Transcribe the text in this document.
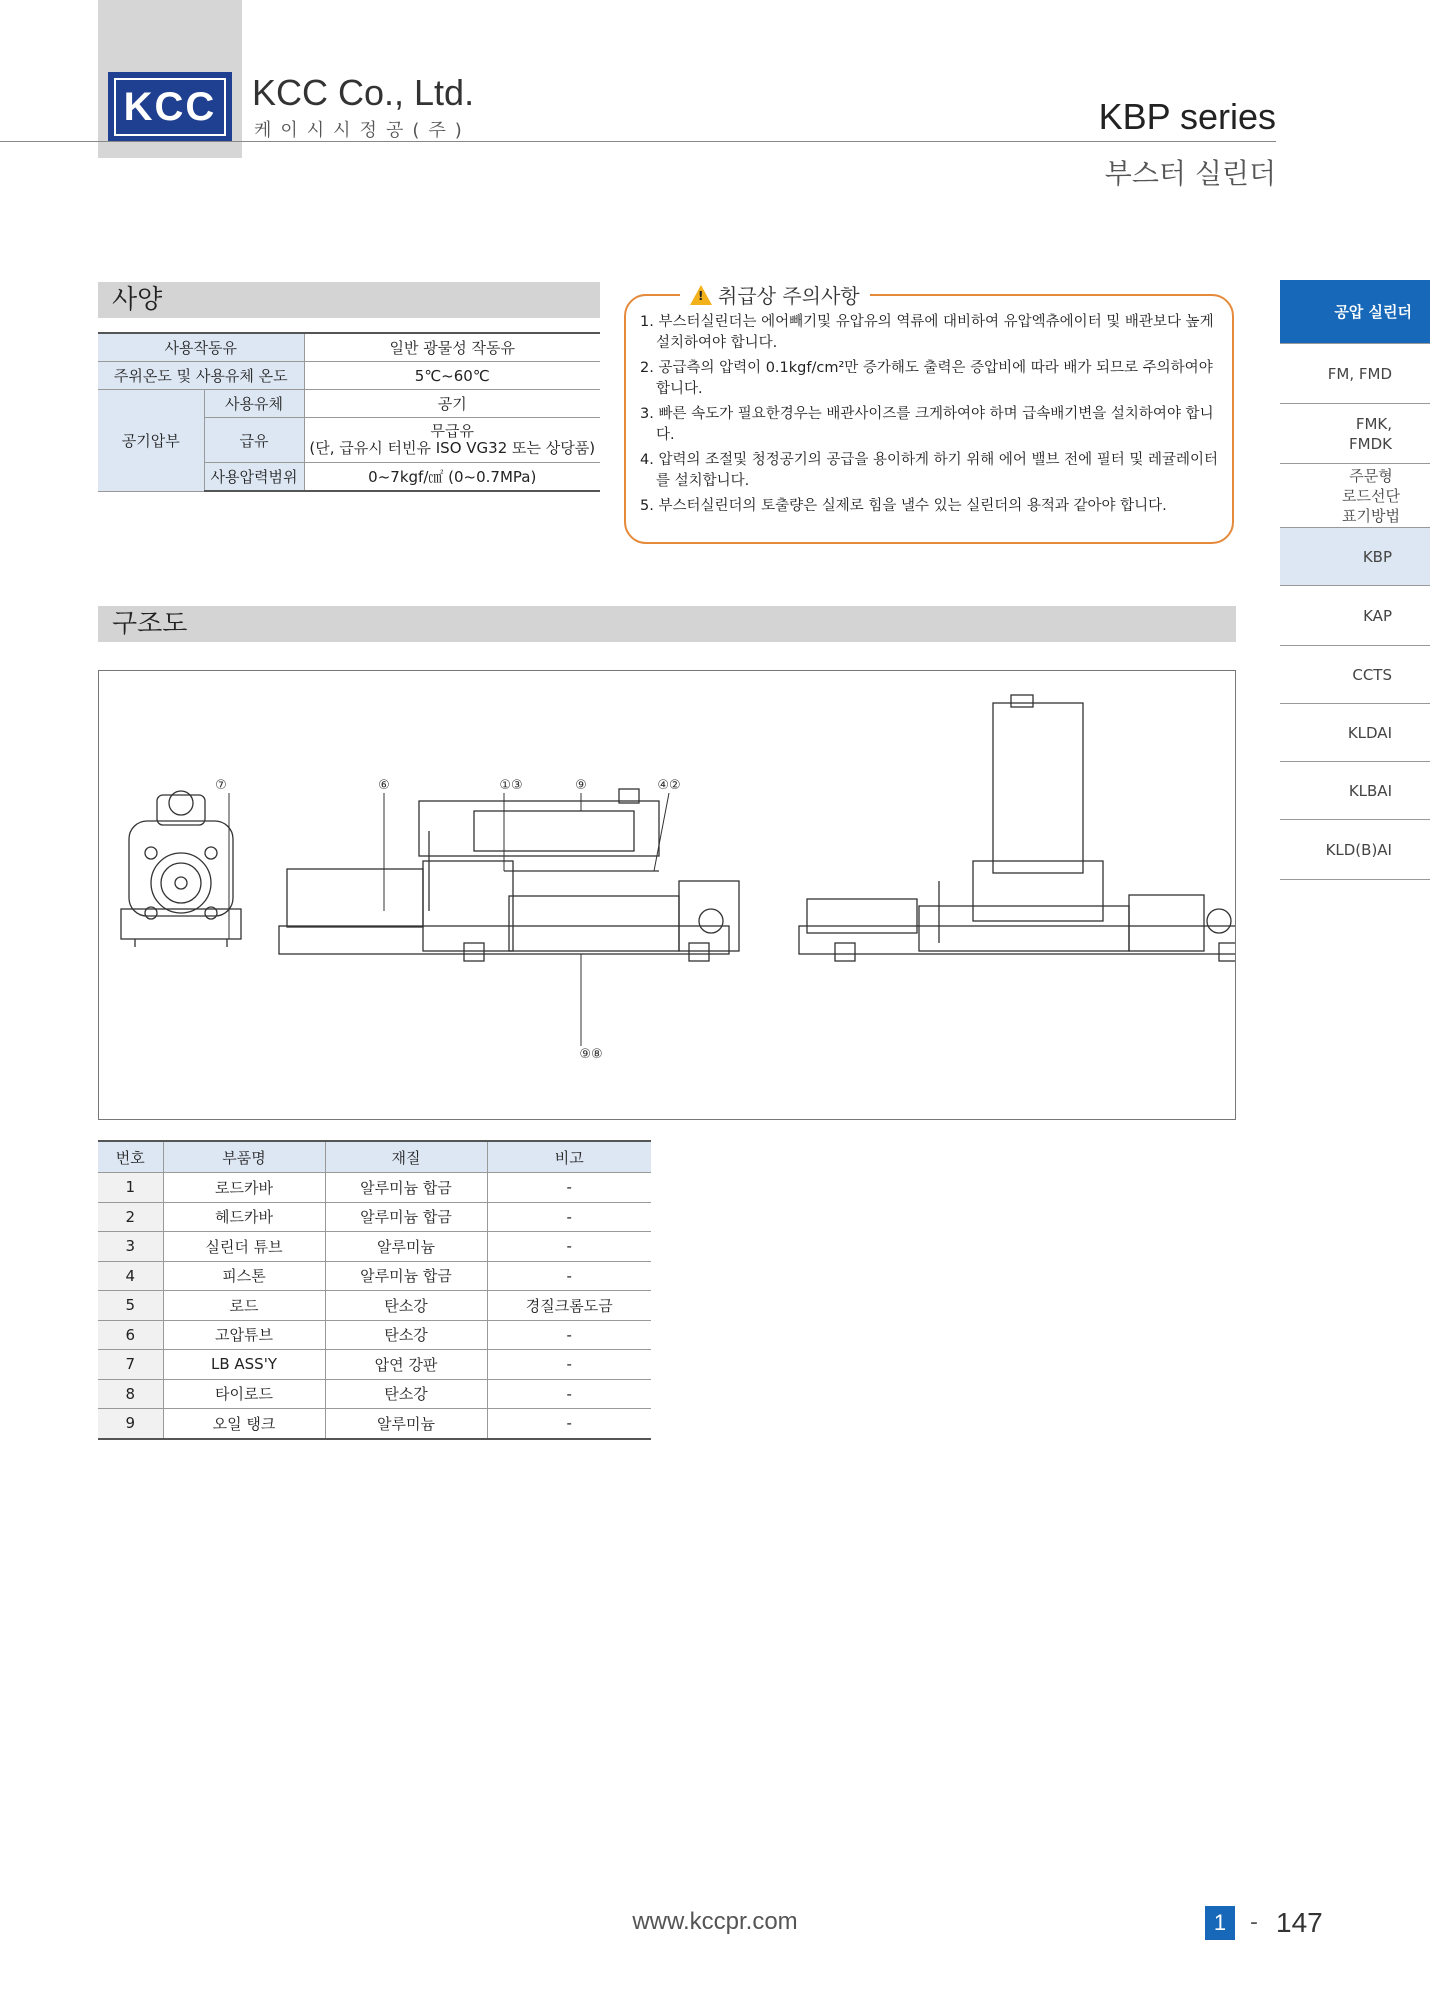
KCC KCC Co., Ltd.
케이시시정공(주)	KBP series
부스터 실린더
사양
사용작동유		일반 광물성 작동유
주위온도 및 사용유체 온도		5℃~60℃
공기압부	사용유체	공기
	급유	무급유
(단, 급유시 터빈유 ISO VG32 또는 상당품)

	사용압력범위	0~7kgf/㎠ (0~0.7MPa)
! 취급상 주의사항
1. 부스터실린더는 에어빼기및 유압유의 역류에 대비하여 유압엑츄에이터 및 배관보다 높게 설치하여야 합니다.
2. 공급측의 압력이 0.1kgf/cm²만 증가해도 출력은 증압비에 따라 배가 되므로 주의하여야 합니다.
3. 빠른 속도가 필요한경우는 배관사이즈를 크게하여야 하며 급속배기변을 설치하여야 합니다.
4. 압력의 조절및 청정공기의 공급을 용이하게 하기 위해 에어 밸브 전에 필터 및 레귤레이터를 설치합니다.
5. 부스터실린더의 토출량은 실제로 힘을 낼수 있는 실린더의 용적과 같아야 합니다.
공압 실린더
FM, FMD
FMK,
FMDK
주문형
로드선단
표기방법
KBP
KAP
CCTS
KLDAI
KLBAI
KLD(B)AI
구조도
⑦	⑥	①③	⑨	④②
⑨⑧
번호	부품명	재질	비고
1	로드카바	알루미늄 합금	-
2	헤드카바	알루미늄 합금	-
3	실린더 튜브	알루미늄	-
4	피스톤	알루미늄 합금	-
5	로드	탄소강	경질크롬도금
6	고압튜브	탄소강	-
7	LB ASS'Y	압연 강판	-
8	타이로드	탄소강	-
9	오일 탱크	알루미늄	-
www.kccpr.com	1	- 147
